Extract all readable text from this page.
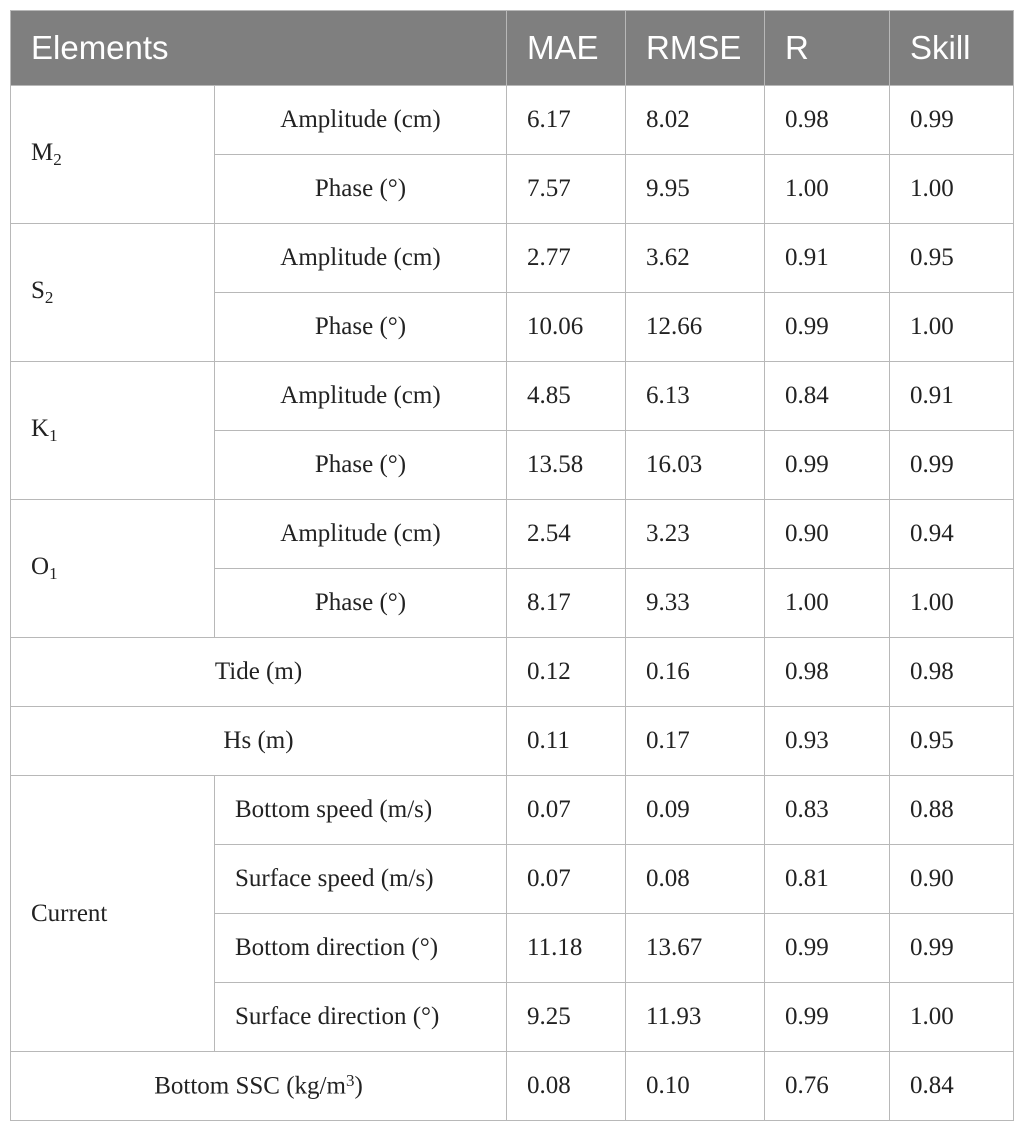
Elements		MAE	RMSE	R	Skill
$M_2$	Amplitude (cm)	6.17	8.02	0.98	0.99
	Phase (°)	7.57	9.95	1.00	1.00
$S_2$	Amplitude (cm)	2.77	3.62	0.91	0.95
	Phase (°)	10.06	12.66	0.99	1.00
$K_1$	Amplitude (cm)	4.85	6.13	0.84	0.91
	Phase (°)	13.58	16.03	0.99	0.99
$O_1$	Amplitude (cm)	2.54	3.23	0.90	0.94
	Phase (°)	8.17	9.33	1.00	1.00
Tide (m)		0.12	0.16	0.98	0.98
Hs (m)		0.11	0.17	0.93	0.95
Current	Bottom speed (m/s)	0.07	0.09	0.83	0.88
	Surface speed (m/s)	0.07	0.08	0.81	0.90
	Bottom direction (°)	11.18	13.67	0.99	0.99
	Surface direction (°)	9.25	11.93	0.99	1.00
Bottom SSC $(kg/m^3)$		0.08	0.10	0.76	0.84
